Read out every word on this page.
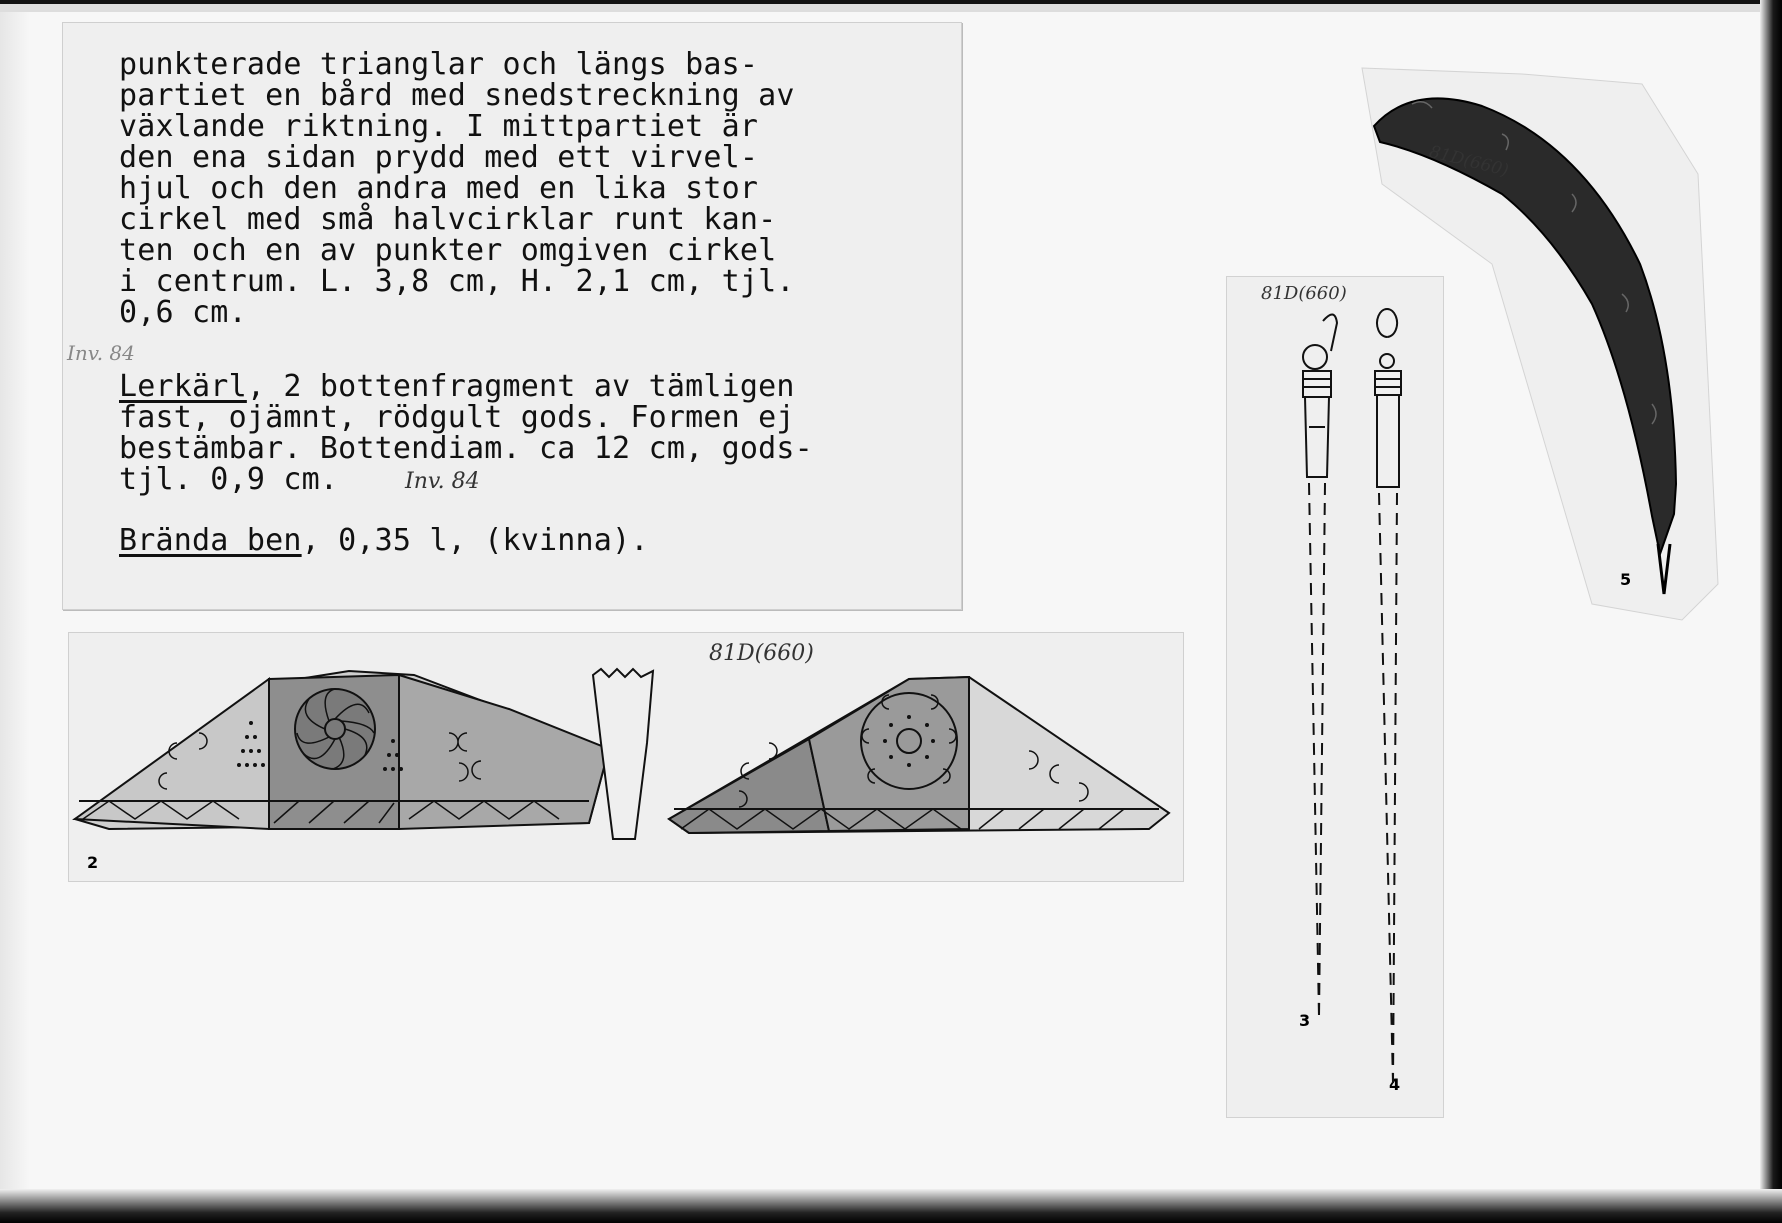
punkterade trianglar och längs bas-
partiet en bård med snedstreckning av
växlande riktning. I mittpartiet är
den ena sidan prydd med ett virvel-
hjul och den andra med en lika stor
cirkel med små halvcirklar runt kan-
ten och en av punkter omgiven cirkel
i centrum. L. 3,8 cm, H. 2,1 cm, tjl.
0,6 cm.
Inv. 84
Lerkärl, 2 bottenfragment av tämligen
fast, ojämnt, rödgult gods. Formen ej
bestämbar. Bottendiam. ca 12 cm, gods-
tjl. 0,9 cm.	Inv. 84
Brända ben, 0,35 l, (kvinna).
81D(660)
2
81D(660)
3
4
81D(660)
5
